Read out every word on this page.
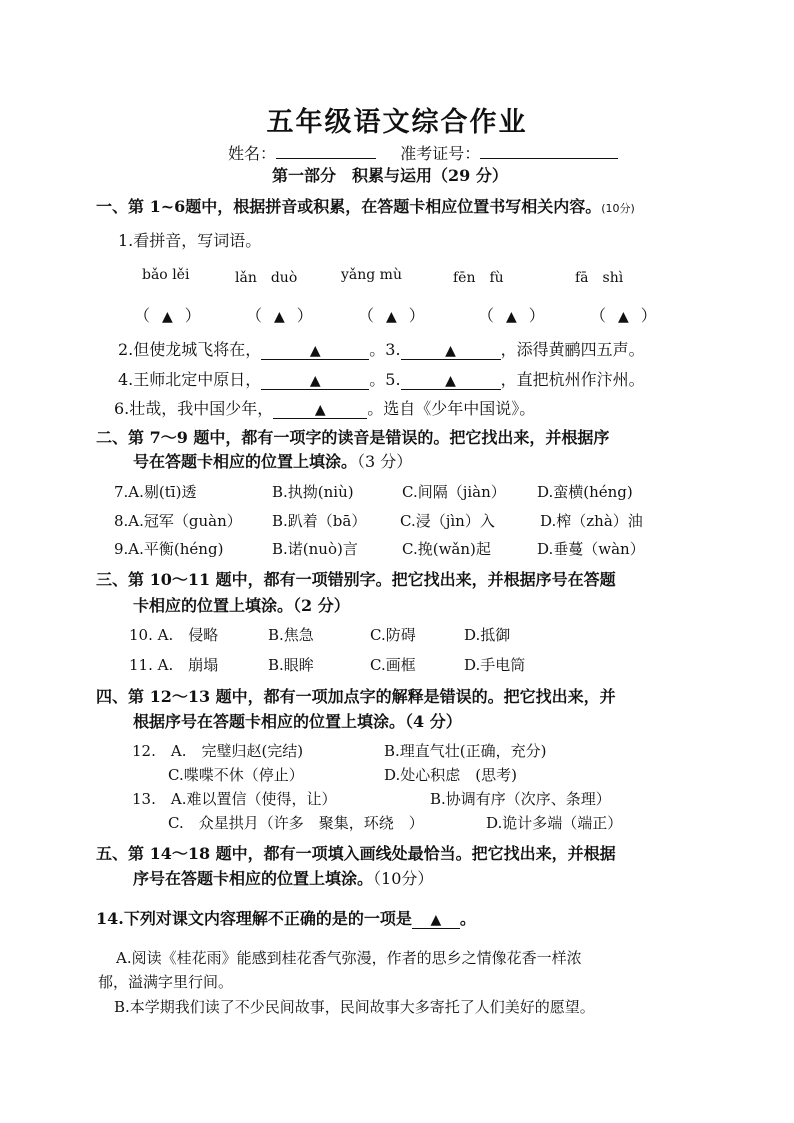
五年级语文综合作业
姓名：	准考证号：
第一部分　积累与运用（29 分）
一、第 1~6题中，根据拼音或积累，在答题卡相应位置书写相关内容。(10分)
1.看拼音，写词语。
bǎo lěi	lǎn　duò	yǎng mù	fēn　fù	fā　shì
（ ▲ ）	（ ▲ ）	（ ▲ ）	（ ▲ ）	（ ▲ ）
2.但使龙城飞将在，	▲	。3.	▲	，添得黄鹂四五声。
4.王师北定中原日，	▲	。5.	▲	，直把杭州作汴州。
6.壮哉，我中国少年，	▲	。选自《少年中国说》。
二、第 7～9 题中，都有一项字的读音是错误的。把它找出来，并根据序
号在答题卡相应的位置上填涂。（3 分）
7.A.剔(tī)透	B.执拗(niù)	C.间隔（jiàn） D.蛮横(héng)
8.A.冠军（guàn） B.趴着（bā） C.浸（jìn）入	D.榨（zhà）油
9.A.平衡(héng)	B.诺(nuò)言	C.挽(wǎn)起	D.垂蔓（wàn）
三、第 10～11 题中，都有一项错别字。把它找出来，并根据序号在答题
卡相应的位置上填涂。（2 分）
10. A.　侵略	B.焦急	C.防碍	D.抵御
11. A.　崩塌	B.眼眸	C.画框	D.手电筒
四、第 12～13 题中，都有一项加点字的解释是错误的。把它找出来，并
根据序号在答题卡相应的位置上填涂。（4 分）
12.　A.　完璧归赵(完结)	B.理直气壮(正确，充分)
C.喋喋不休（停止）	D.处心积虑　(思考)
13.　A.难以置信（使得，让）	B.协调有序（次序、条理）
C.　众星拱月（许多　聚集，环绕　）	D.诡计多端（端正）
五、第 14～18 题中，都有一项填入画线处最恰当。把它找出来，并根据
序号在答题卡相应的位置上填涂。（10分）
14.下列对课文内容理解不正确的是的一项是 ▲ 。
A.阅读《桂花雨》能感到桂花香气弥漫，作者的思乡之情像花香一样浓
郁，溢满字里行间。
B.本学期我们读了不少民间故事，民间故事大多寄托了人们美好的愿望。
